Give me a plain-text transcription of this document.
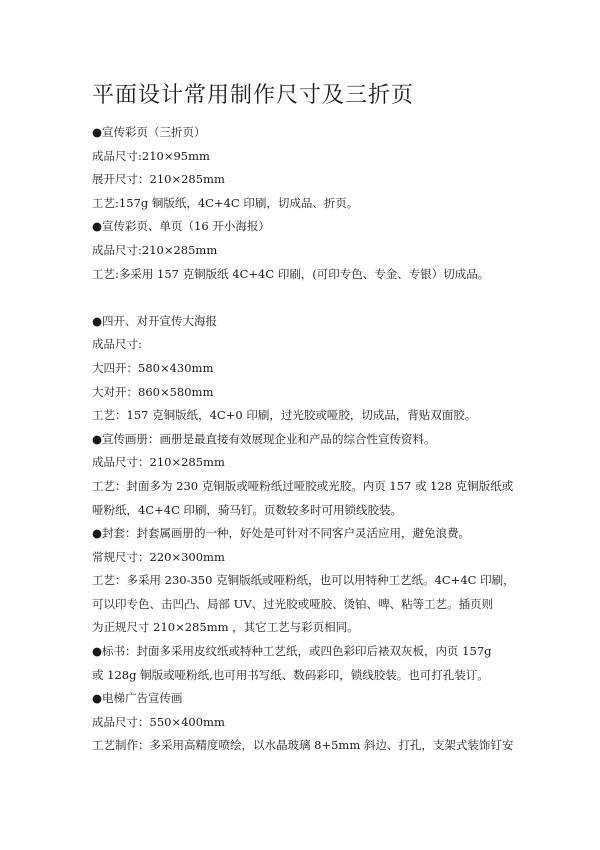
平面设计常用制作尺寸及三折页
●宣传彩页（三折页）
成品尺寸:210×95mm
展开尺寸：210×285mm
工艺:157g 铜版纸，4C+4C 印刷，切成品、折页。
●宣传彩页、单页（16 开小海报）
成品尺寸:210×285mm
工艺:多采用 157 克铜版纸 4C+4C 印刷，(可印专色、专金、专银）切成品。
●四开、对开宣传大海报
成品尺寸:
大四开：580×430mm
大对开：860×580mm
工艺：157 克铜版纸，4C+0 印刷，过光胶或哑胶，切成品，背贴双面胶。
●宣传画册：画册是最直接有效展现企业和产品的综合性宣传资料。
成品尺寸：210×285mm
工艺：封面多为 230 克铜版或哑粉纸过哑胶或光胶。内页 157 或 128 克铜版纸或
哑粉纸，4C+4C 印刷，骑马钉。页数较多时可用锁线胶装。
●封套：封套属画册的一种，好处是可针对不同客户灵活应用，避免浪费。
常规尺寸：220×300mm
工艺：多采用 230-350 克铜版纸或哑粉纸，也可以用特种工艺纸。4C+4C 印刷，
可以印专色、击凹凸、局部 UV、过光胶或哑胶、烫铂、啤、粘等工艺。插页则
为正规尺寸 210×285mm ，其它工艺与彩页相同。
●标书：封面多采用皮纹纸或特种工艺纸，或四色彩印后裱双灰板，内页 157g
或 128g 铜版或哑粉纸,也可用书写纸、数码彩印，锁线胶装。也可打孔装订。
●电梯广告宣传画
成品尺寸：550×400mm
工艺制作：多采用高精度喷绘，以水晶玻璃 8+5mm 斜边、打孔，支架式装饰钉安
